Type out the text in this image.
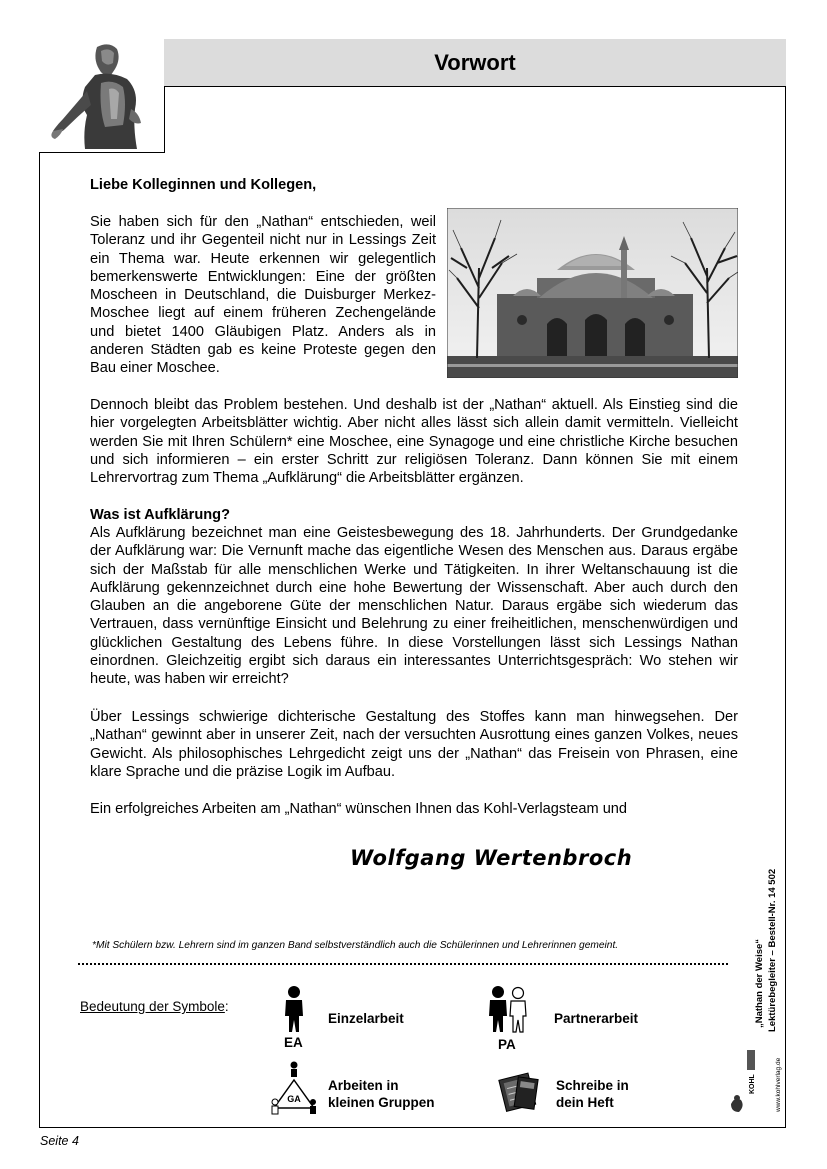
Vorwort
Liebe Kolleginnen und Kollegen,
Sie haben sich für den „Nathan“ entschieden, weil Toleranz und ihr Gegenteil nicht nur in Lessings Zeit ein Thema war. Heute erkennen wir gelegentlich bemerkenswerte Entwicklungen: Eine der größten Moscheen in Deutschland, die Duisburger Merkez-Moschee liegt auf einem früheren Zechengelände und bietet 1400 Gläubigen Platz. Anders als in anderen Städten gab es keine Proteste gegen den Bau einer Moschee.
Dennoch bleibt das Problem bestehen. Und deshalb ist der „Nathan“ aktuell. Als Einstieg sind die hier vorgelegten Arbeitsblätter wichtig. Aber nicht alles lässt sich allein damit vermitteln. Vielleicht werden Sie mit Ihren Schülern* eine Moschee, eine Synagoge und eine christliche Kirche besuchen und sich informieren – ein erster Schritt zur religiösen Toleranz. Dann können Sie mit einem Lehrervortrag zum Thema „Aufklärung“ die Arbeitsblätter ergänzen.
Was ist Aufklärung?
Als Aufklärung bezeichnet man eine Geistesbewegung des 18. Jahrhunderts. Der Grundgedanke der Aufklärung war: Die Vernunft mache das eigentliche Wesen des Menschen aus. Daraus ergäbe sich der Maßstab für alle menschlichen Werke und Tätigkeiten. In ihrer Weltanschauung ist die Aufklärung gekennzeichnet durch eine hohe Bewertung der Wissenschaft. Aber auch durch den Glauben an die angeborene Güte der menschlichen Natur. Daraus ergäbe sich wiederum das Vertrauen, dass vernünftige Einsicht und Belehrung zu einer freiheitlichen, menschenwürdigen und glücklichen Gestaltung des Lebens führe. In diese Vorstellungen lässt sich Lessings Nathan einordnen. Gleichzeitig ergibt sich daraus ein interessantes Unterrichtsgespräch: Wo stehen wir heute, was haben wir erreicht?
Über Lessings schwierige dichterische Gestaltung des Stoffes kann man hinwegsehen. Der „Nathan“ gewinnt aber in unserer Zeit, nach der versuchten Ausrottung eines ganzen Volkes, neues Gewicht. Als philosophisches Lehrgedicht zeigt uns der „Nathan“ das Freisein von Phrasen, eine klare Sprache und die präzise Logik im Aufbau.
Ein erfolgreiches Arbeiten am „Nathan“ wünschen Ihnen das Kohl-Verlagsteam und
Wolfgang Wertenbroch
*Mit Schülern bzw. Lehrern sind im ganzen Band selbstverständlich auch die Schülerinnen und Lehrerinnen gemeint.
Bedeutung der Symbole:
EA
Einzelarbeit
PA
Partnerarbeit
GA
Arbeiten in
kleinen Gruppen
Schreibe in
dein Heft
„Nathan der Weise“ Lektürebegleiter – Bestell-Nr. 14 502
KOHL	www.kohlverlag.de
Seite 4
